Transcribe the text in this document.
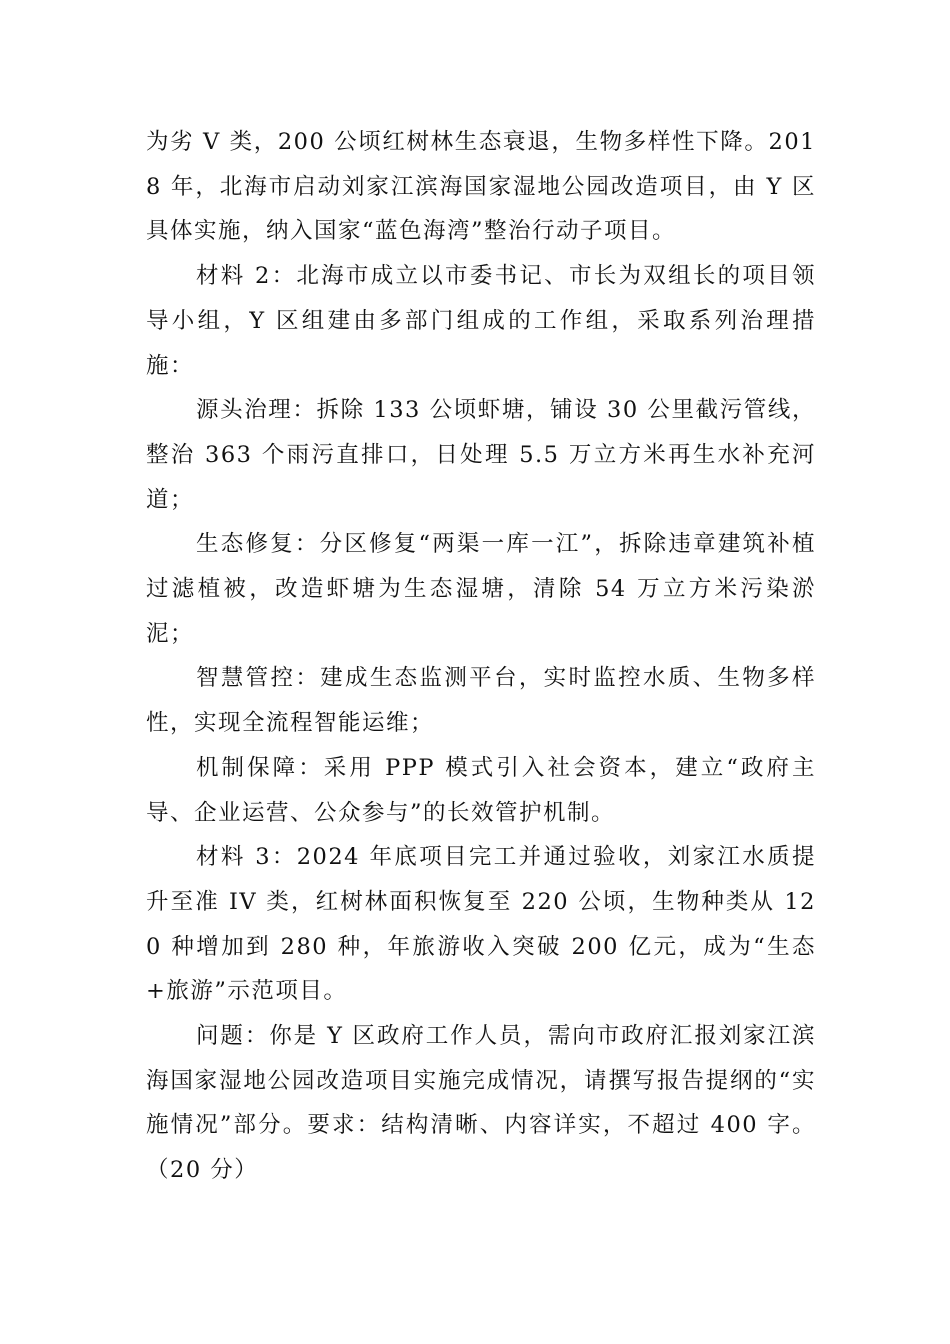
为劣 V 类，200 公顷红树林生态衰退，生物多样性下降。2018 年，北海市启动刘家江滨海国家湿地公园改造项目，由 Y 区具体实施，纳入国家“蓝色海湾”整治行动子项目。

材料 2：北海市成立以市委书记、市长为双组长的项目领导小组，Y 区组建由多部门组成的工作组，采取系列治理措施：

源头治理：拆除 133 公顷虾塘，铺设 30 公里截污管线，整治 363 个雨污直排口，日处理 5.5 万立方米再生水补充河道；

生态修复：分区修复“两渠一库一江”，拆除违章建筑补植过滤植被，改造虾塘为生态湿塘，清除 54 万立方米污染淤泥；

智慧管控：建成生态监测平台，实时监控水质、生物多样性，实现全流程智能运维；

机制保障：采用 PPP 模式引入社会资本，建立“政府主导、企业运营、公众参与”的长效管护机制。

材料 3：2024 年底项目完工并通过验收，刘家江水质提升至准 IV 类，红树林面积恢复至 220 公顷，生物种类从 120 种增加到 280 种，年旅游收入突破 200 亿元，成为“生态+旅游”示范项目。

问题：你是 Y 区政府工作人员，需向市政府汇报刘家江滨海国家湿地公园改造项目实施完成情况，请撰写报告提纲的“实施情况”部分。要求：结构清晰、内容详实，不超过 400 字。（20 分）
